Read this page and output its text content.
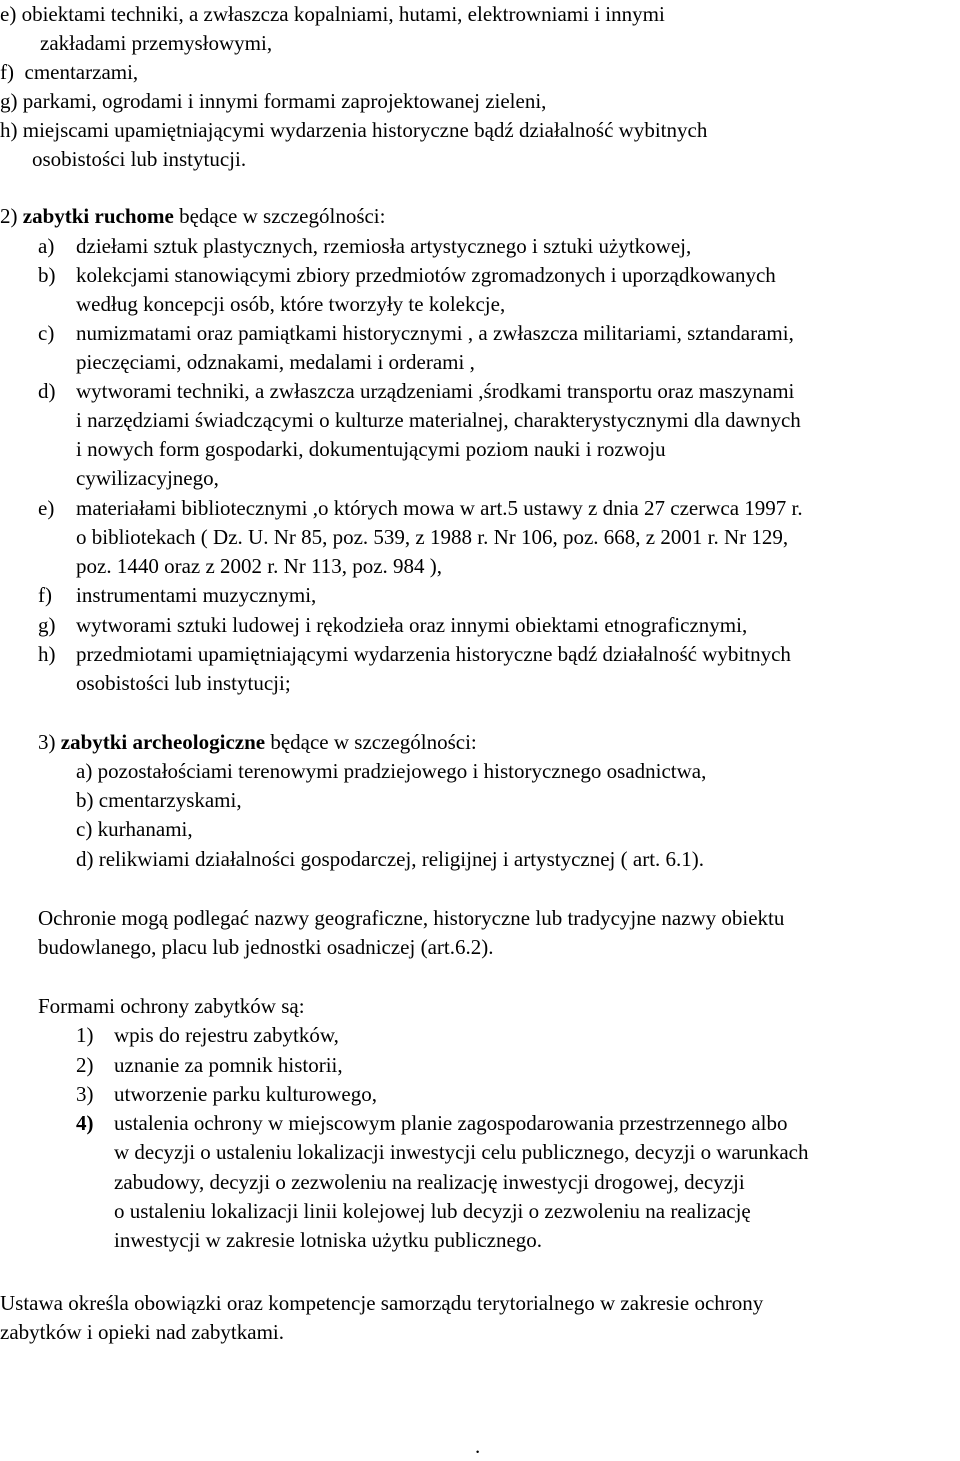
e) obiektami techniki, a zwłaszcza kopalniami, hutami, elektrowniami i innymi
zakładami przemysłowymi,
f) cmentarzami,
g) parkami, ogrodami i innymi formami zaprojektowanej zieleni,
h) miejscami upamiętniającymi wydarzenia historyczne bądź działalność wybitnych
osobistości lub instytucji.
2) zabytki ruchome będące w szczególności:
a) dziełami sztuk plastycznych, rzemiosła artystycznego i sztuki użytkowej,
b) kolekcjami stanowiącymi zbiory przedmiotów zgromadzonych i uporządkowanych
według koncepcji osób, które tworzyły te kolekcje,
c) numizmatami oraz pamiątkami historycznymi , a zwłaszcza militariami, sztandarami,
pieczęciami, odznakami, medalami i orderami ,
d) wytworami techniki, a zwłaszcza urządzeniami ,środkami transportu oraz maszynami
i narzędziami świadczącymi o kulturze materialnej, charakterystycznymi dla dawnych
i nowych form gospodarki, dokumentującymi poziom nauki i rozwoju
cywilizacyjnego,
e) materiałami bibliotecznymi ,o których mowa w art.5 ustawy z dnia 27 czerwca 1997 r.
o bibliotekach ( Dz. U. Nr 85, poz. 539, z 1988 r. Nr 106, poz. 668, z 2001 r. Nr 129,
poz. 1440 oraz z 2002 r. Nr 113, poz. 984 ),
f) instrumentami muzycznymi,
g) wytworami sztuki ludowej i rękodzieła oraz innymi obiektami etnograficznymi,
h) przedmiotami upamiętniającymi wydarzenia historyczne bądź działalność wybitnych
osobistości lub instytucji;
3) zabytki archeologiczne będące w szczególności:
a) pozostałościami terenowymi pradziejowego i historycznego osadnictwa,
b) cmentarzyskami,
c) kurhanami,
d) relikwiami działalności gospodarczej, religijnej i artystycznej ( art. 6.1).
Ochronie mogą podlegać nazwy geograficzne, historyczne lub tradycyjne nazwy obiektu
budowlanego, placu lub jednostki osadniczej (art.6.2).
Formami ochrony zabytków są:
1) wpis do rejestru zabytków,
2) uznanie za pomnik historii,
3) utworzenie parku kulturowego,
4) ustalenia ochrony w miejscowym planie zagospodarowania przestrzennego albo
w decyzji o ustaleniu lokalizacji inwestycji celu publicznego, decyzji o warunkach
zabudowy, decyzji o zezwoleniu na realizację inwestycji drogowej, decyzji
o ustaleniu lokalizacji linii kolejowej lub decyzji o zezwoleniu na realizację
inwestycji w zakresie lotniska użytku publicznego.
Ustawa określa obowiązki oraz kompetencje samorządu terytorialnego w zakresie ochrony
zabytków i opieki nad zabytkami.
.
